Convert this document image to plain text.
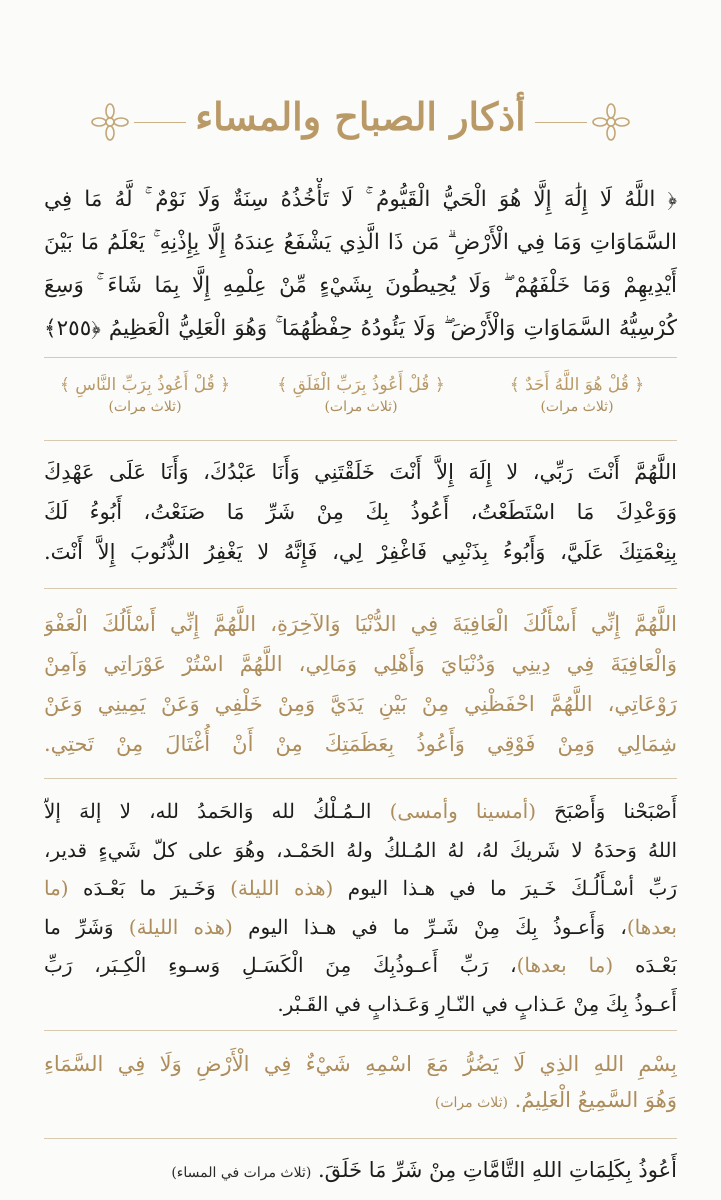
أذكار الصباح والمساء
﴿ اللَّهُ لَا إِلَٰهَ إِلَّا هُوَ الْحَيُّ الْقَيُّومُ ۚ لَا تَأْخُذُهُ سِنَةٌ وَلَا نَوْمٌ ۚ لَّهُ مَا فِي
السَّمَاوَاتِ وَمَا فِي الْأَرْضِ ۗ مَن ذَا الَّذِي يَشْفَعُ عِندَهُ إِلَّا بِإِذْنِهِ ۚ يَعْلَمُ مَا بَيْنَ
أَيْدِيهِمْ وَمَا خَلْفَهُمْ ۖ وَلَا يُحِيطُونَ بِشَيْءٍ مِّنْ عِلْمِهِ إِلَّا بِمَا شَاءَ ۚ وَسِعَ
كُرْسِيُّهُ السَّمَاوَاتِ وَالْأَرْضَ ۖ وَلَا يَئُودُهُ حِفْظُهُمَا ۚ وَهُوَ الْعَلِيُّ الْعَظِيمُ ﴿٢٥٥﴾
﴿ قُلْ هُوَ اللَّهُ أَحَدٌ ﴾
(ثلاث مرات)
﴿ قُلْ أَعُوذُ بِرَبِّ الْفَلَقِ ﴾
(ثلاث مرات)
﴿ قُلْ أَعُوذُ بِرَبِّ النَّاسِ ﴾
(ثلاث مرات)
اللَّهُمَّ أَنْتَ رَبِّي، لا إِلَهَ إِلاَّ أَنْتَ خَلَقْتَنِي وَأَنَا عَبْدُكَ، وَأَنَا عَلَى عَهْدِكَ
وَوَعْدِكَ مَا اسْتَطَعْتُ، أَعُوذُ بِكَ مِنْ شَرِّ مَا صَنَعْتُ، أَبُوءُ لَكَ
بِنِعْمَتِكَ عَلَيَّ، وَأَبُوءُ بِذَنْبِي فَاغْفِرْ لِي، فَإِنَّهُ لا يَغْفِرُ الذُّنُوبَ إِلاَّ أَنْتَ.
اللَّهُمَّ إِنِّي أَسْأَلُكَ الْعَافِيَةَ فِي الدُّنْيَا وَالآخِرَةِ، اللَّهُمَّ إِنِّي أَسْأَلُكَ الْعَفْوَ
وَالْعَافِيَةَ فِي دِينِي وَدُنْيَايَ وَأَهْلِي وَمَالِي، اللَّهُمَّ اسْتُرْ عَوْرَاتِي وَآمِنْ
رَوْعَاتِي، اللَّهُمَّ احْفَظْنِي مِنْ بَيْنِ يَدَيَّ وَمِنْ خَلْفِي وَعَنْ يَمِينِي وَعَنْ
شِمَالِي وَمِنْ فَوْقِي وَأَعُوذُ بِعَظَمَتِكَ مِنْ أَنْ أُغْتَالَ مِنْ تَحتِي.
أَصْبَحْنا وَأَصْبَحَ (أمسينا وأمسى) الـمُـلْكُ لله وَالحَمدُ لله، لا إلهَ إلاّ
اللهُ وَحدَهُ لا شَريكَ لهُ، لهُ المُـلكُ ولهُ الحَمْـد، وهُوَ على كلّ شَيءٍ قدير،
رَبِّ أسْـأَلُـكَ خَـيرَ ما في هـذا اليوم (هذه الليلة) وَخَـيرَ ما بَعْـدَه (ما
بعدها)، وَأَعـوذُ بِكَ مِنْ شَـرِّ ما في هـذا اليوم (هذه الليلة) وَشَرِّ ما
بَعْـدَه (ما بعدها)، رَبِّ أَعـوذُبِكَ مِنَ الْكَسَـلِ وَسـوءِ الْكِـبَر، رَبِّ
أَعـوذُ بِكَ مِنْ عَـذابٍ في النّـارِ وَعَـذابٍ في القَـبْر.
بِسْمِ اللهِ الذِي لَا يَضُرُّ مَعَ اسْمِهِ شَيْءٌ فِي الْأَرْضِ وَلَا فِي السَّمَاءِ
وَهُوَ السَّمِيعُ الْعَلِيمُ. (ثلاث مرات)
أَعُوذُ بِكَلِمَاتِ اللهِ التَّامَّاتِ مِنْ شَرِّ مَا خَلَقَ. (ثلاث مرات في المساء)
